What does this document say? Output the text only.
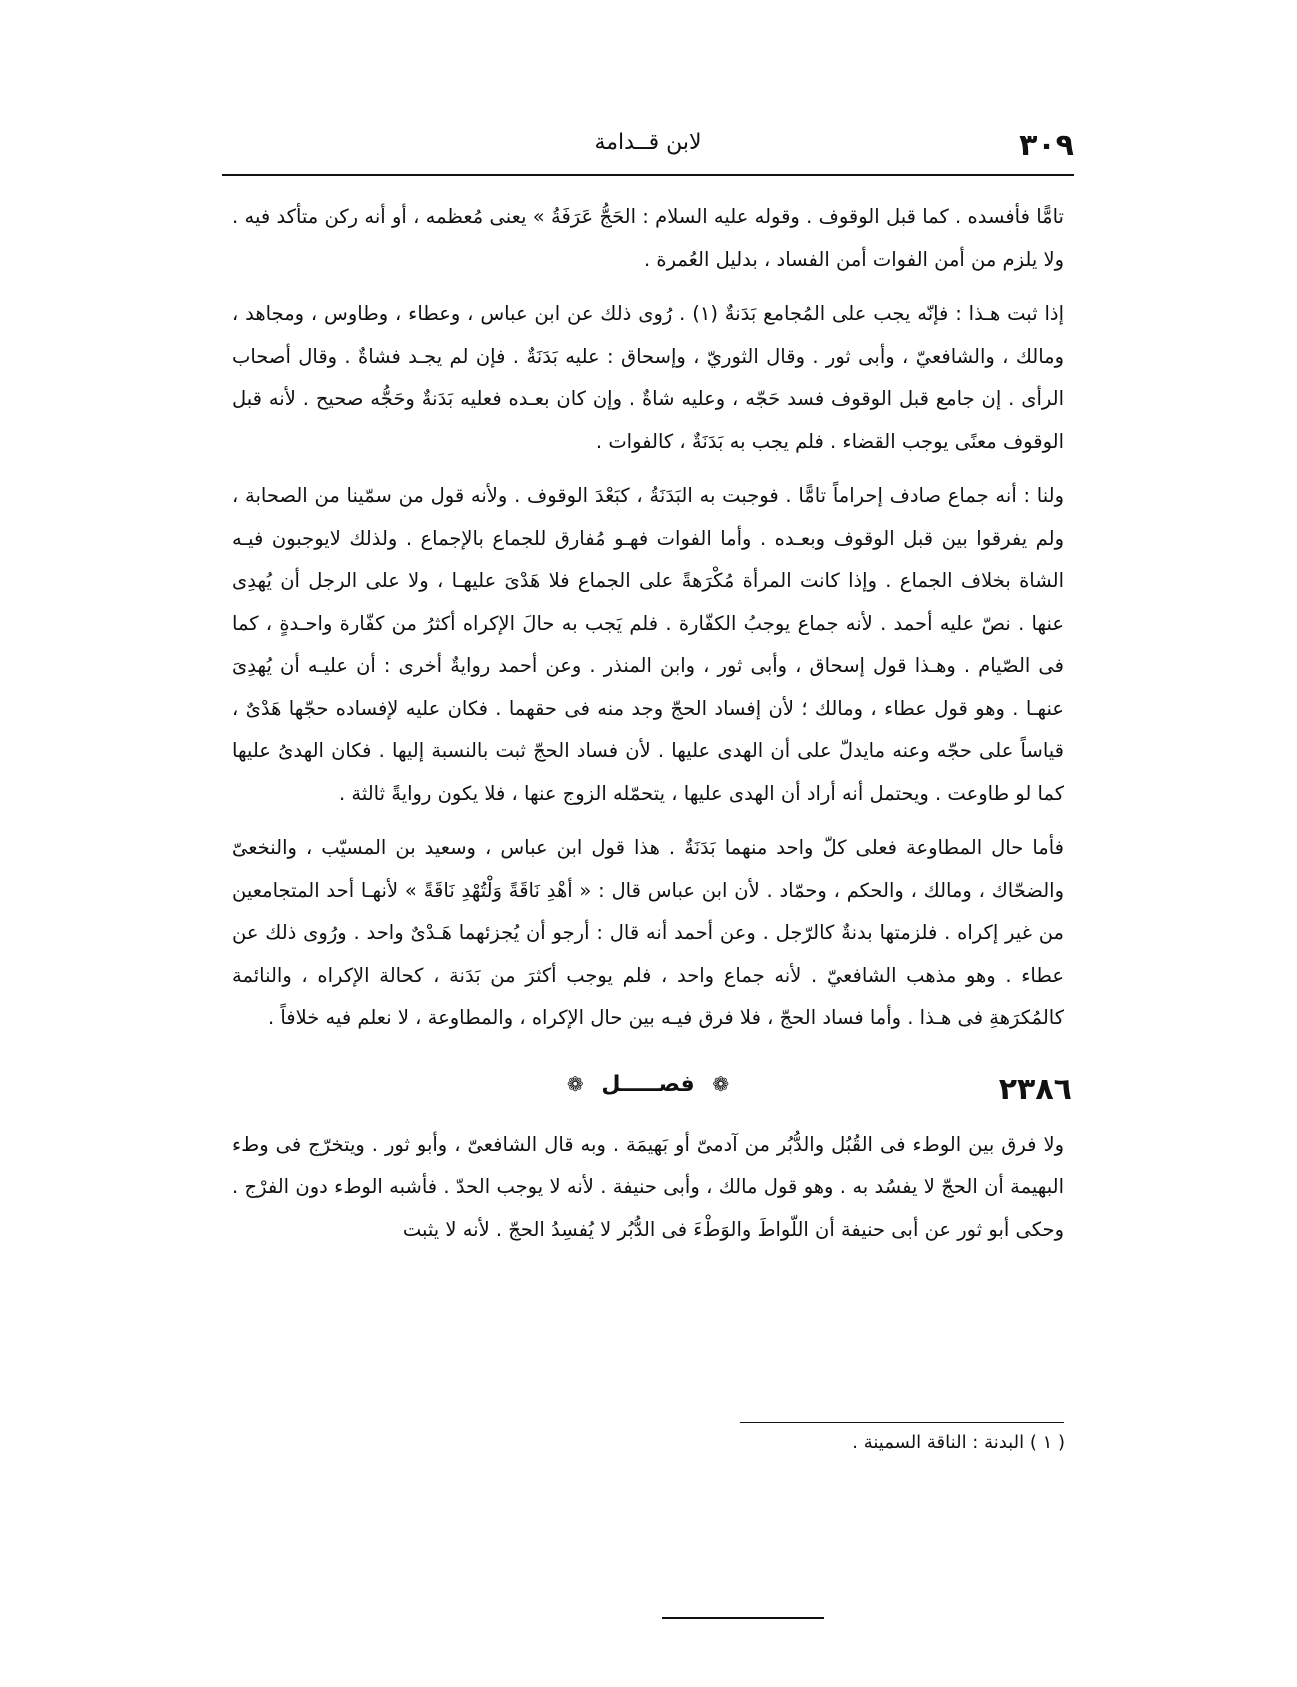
٣٠٩
لابن قــدامة

تامًّا فأفسده . كما قبل الوقوف . وقوله عليه السلام : الحَجُّ عَرَفَةُ » يعنى مُعظمه ، أو أنه ركن متأكد فيه . ولا يلزم من أمن الفوات أمن الفساد ، بدليل العُمرة .

إذا ثبت هـذا : فإنّه يجب على المُجامع بَدَنةٌ (١) . رُوى ذلك عن ابن عباس ، وعطاء ، وطاوس ، ومجاهد ، ومالك ، والشافعيّ ، وأبى ثور . وقال الثوريّ ، وإسحاق : عليه بَدَنَةٌ . فإن لم يجـد فشاةٌ . وقال أصحاب الرأى . إن جامع قبل الوقوف فسد حَجّه ، وعليه شاةٌ . وإن كان بعـده فعليه بَدَنةٌ وحَجُّه صحيح . لأنه قبل الوقوف معنًى يوجب القضاء . فلم يجب به بَدَنَةٌ ، كالفوات .

ولنا : أنه جماع صادف إحراماً تامًّا . فوجبت به البَدَنَةُ ، كبَعْدَ الوقوف . ولأنه قول من سمّينا من الصحابة ، ولم يفرقوا بين قبل الوقوف وبعـده . وأما الفوات فهـو مُفارق للجماع بالإجماع . ولذلك لايوجبون فيـه الشاة بخلاف الجماع . وإذا كانت المرأة مُكْرَهةً على الجماع فلا هَدْىَ عليهـا ، ولا على الرجل أن يُهدِى عنها . نصّ عليه أحمد . لأنه جماع يوجبُ الكفّارة . فلم يَجب به حالَ الإكراه أكثرُ من كفّارة واحـدةٍ ، كما فى الصّيام . وهـذا قول إسحاق ، وأبى ثور ، وابن المنذر . وعن أحمد روايةٌ أخرى : أن عليـه أن يُهدِىَ عنهـا . وهو قول عطاء ، ومالك ؛ لأن إفساد الحجّ وجد منه فى حقهما . فكان عليه لإفساده حجّها هَدْىٌ ، قياساً على حجّه وعنه مايدلّ على أن الهدى عليها . لأن فساد الحجّ ثبت بالنسبة إليها . فكان الهدىُ عليها كما لو طاوعت . ويحتمل أنه أراد أن الهدى عليها ، يتحمّله الزوج عنها ، فلا يكون روايةً ثالثة .

فأما حال المطاوعة فعلى كلّ واحد منهما بَدَنَةٌ . هذا قول ابن عباس ، وسعيد بن المسيّب ، والنخعىّ والضحّاك ، ومالك ، والحكم ، وحمّاد . لأن ابن عباس قال : « أهْدِ نَاقَةً وَلْتُهْدِ نَاقَةً » لأنهـا أحد المتجامعين من غير إكراه . فلزمتها بدنةٌ كالرّجل . وعن أحمد أنه قال : أرجو أن يُجزئهما هَـدْىٌ واحد . ورُوى ذلك عن عطاء . وهو مذهب الشافعيّ . لأنه جماع واحد ، فلم يوجب أكثرَ من بَدَنة ، كحالة الإكراه ، والنائمة كالمُكرَهةِ فى هـذا . وأما فساد الحجّ ، فلا فرق فيـه بين حال الإكراه ، والمطاوعة ، لا نعلم فيه خلافاً .

٢٣٨٦
❁ فصـــــل ❁

ولا فرق بين الوطء فى القُبُل والدُّبُر من آدمىّ أو بَهيمَة . وبه قال الشافعىّ ، وأبو ثور . ويتخرّج فى وطء البهيمة أن الحجّ لا يفسُد به . وهو قول مالك ، وأبى حنيفة . لأنه لا يوجب الحدّ . فأشبه الوطء دون الفرْج . وحكى أبو ثور عن أبى حنيفة أن اللّواطَ والوَطْءَ فى الدُّبُر لا يُفسِدُ الحجّ . لأنه لا يثبت

( ١ ) البدنة : الناقة السمينة .
